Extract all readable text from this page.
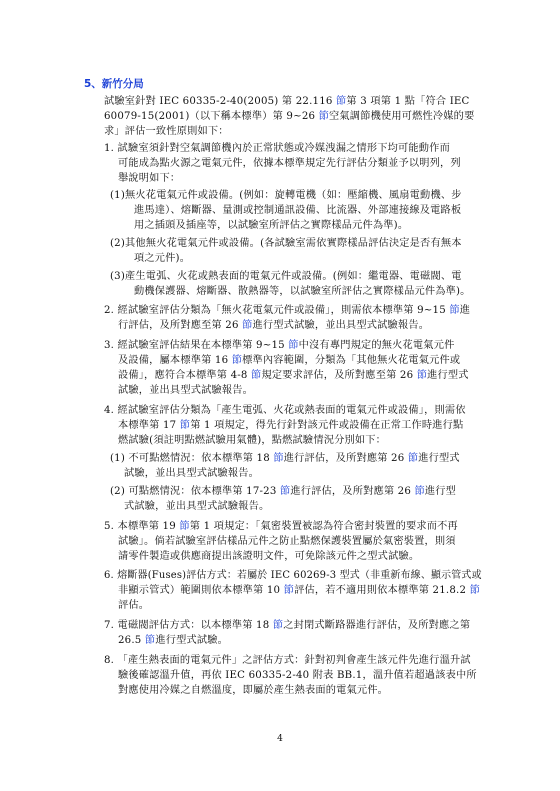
5、新竹分局
試驗室針對 IEC 60335-2-40(2005) 第 22.116 節第 3 項第 1 點「符合 IEC
60079-15(2001)（以下稱本標準）第 9~26 節空氣調節機使用可燃性冷媒的要
求」評估一致性原則如下：
1. 試驗室須針對空氣調節機內於正常狀態或冷媒洩漏之情形下均可能動作而
可能成為點火源之電氣元件，依據本標準規定先行評估分類並予以明列，列
舉說明如下：
(1)無火花電氣元件或設備。(例如：旋轉電機（如：壓縮機、風扇電動機、步
進馬達）、熔斷器、量測或控制通訊設備、比流器、外部連接線及電路板
用之插頭及插座等，以試驗室所評估之實際樣品元件為準)。
(2)其他無火花電氣元件或設備。(各試驗室需依實際樣品評估決定是否有無本
項之元件)。
(3)產生電弧、火花或熱表面的電氣元件或設備。(例如：繼電器、電磁閥、電
動機保護器、熔斷器、散熱器等，以試驗室所評估之實際樣品元件為準)。
2. 經試驗室評估分類為「無火花電氣元件或設備」，則需依本標準第 9~15 節進
行評估，及所對應至第 26 節進行型式試驗，並出具型式試驗報告。
3. 經試驗室評估結果在本標準第 9~15 節中沒有專門規定的無火花電氣元件
及設備，屬本標準第 16 節標準內容範圍，分類為「其他無火花電氣元件或
設備」，應符合本標準第 4-8 節規定要求評估，及所對應至第 26 節進行型式
試驗，並出具型式試驗報告。
4. 經試驗室評估分類為「產生電弧、火花或熱表面的電氣元件或設備」，則需依
本標準第 17 節第 1 項規定，得先行針對該元件或設備在正常工作時進行點
燃試驗(須註明點燃試驗用氣體)，點燃試驗情況分別如下：
(1) 不可點燃情況：依本標準第 18 節進行評估，及所對應第 26 節進行型式
試驗，並出具型式試驗報告。
(2) 可點燃情況：依本標準第 17-23 節進行評估，及所對應第 26 節進行型
式試驗，並出具型式試驗報告。
5. 本標準第 19 節第 1 項規定：「氣密裝置被認為符合密封裝置的要求而不再
試驗」。倘若試驗室評估樣品元件之防止點燃保護裝置屬於氣密裝置，則須
請零件製造或供應商提出該證明文件，可免除該元件之型式試驗。
6. 熔斷器(Fuses)評估方式：若屬於 IEC 60269-3 型式（非重新布線、顯示管式或
非顯示管式）範圍則依本標準第 10 節評估，若不適用則依本標準第 21.8.2 節
評估。
7. 電磁閥評估方式：以本標準第 18 節之封閉式斷路器進行評估，及所對應之第
26.5 節進行型式試驗。
8. 「產生熱表面的電氣元件」之評估方式：針對初判會產生該元件先進行溫升試
驗後確認溫升值，再依 IEC 60335-2-40 附表 BB.1，溫升值若超過該表中所
對應使用冷媒之自燃溫度，即屬於產生熱表面的電氣元件。
4
